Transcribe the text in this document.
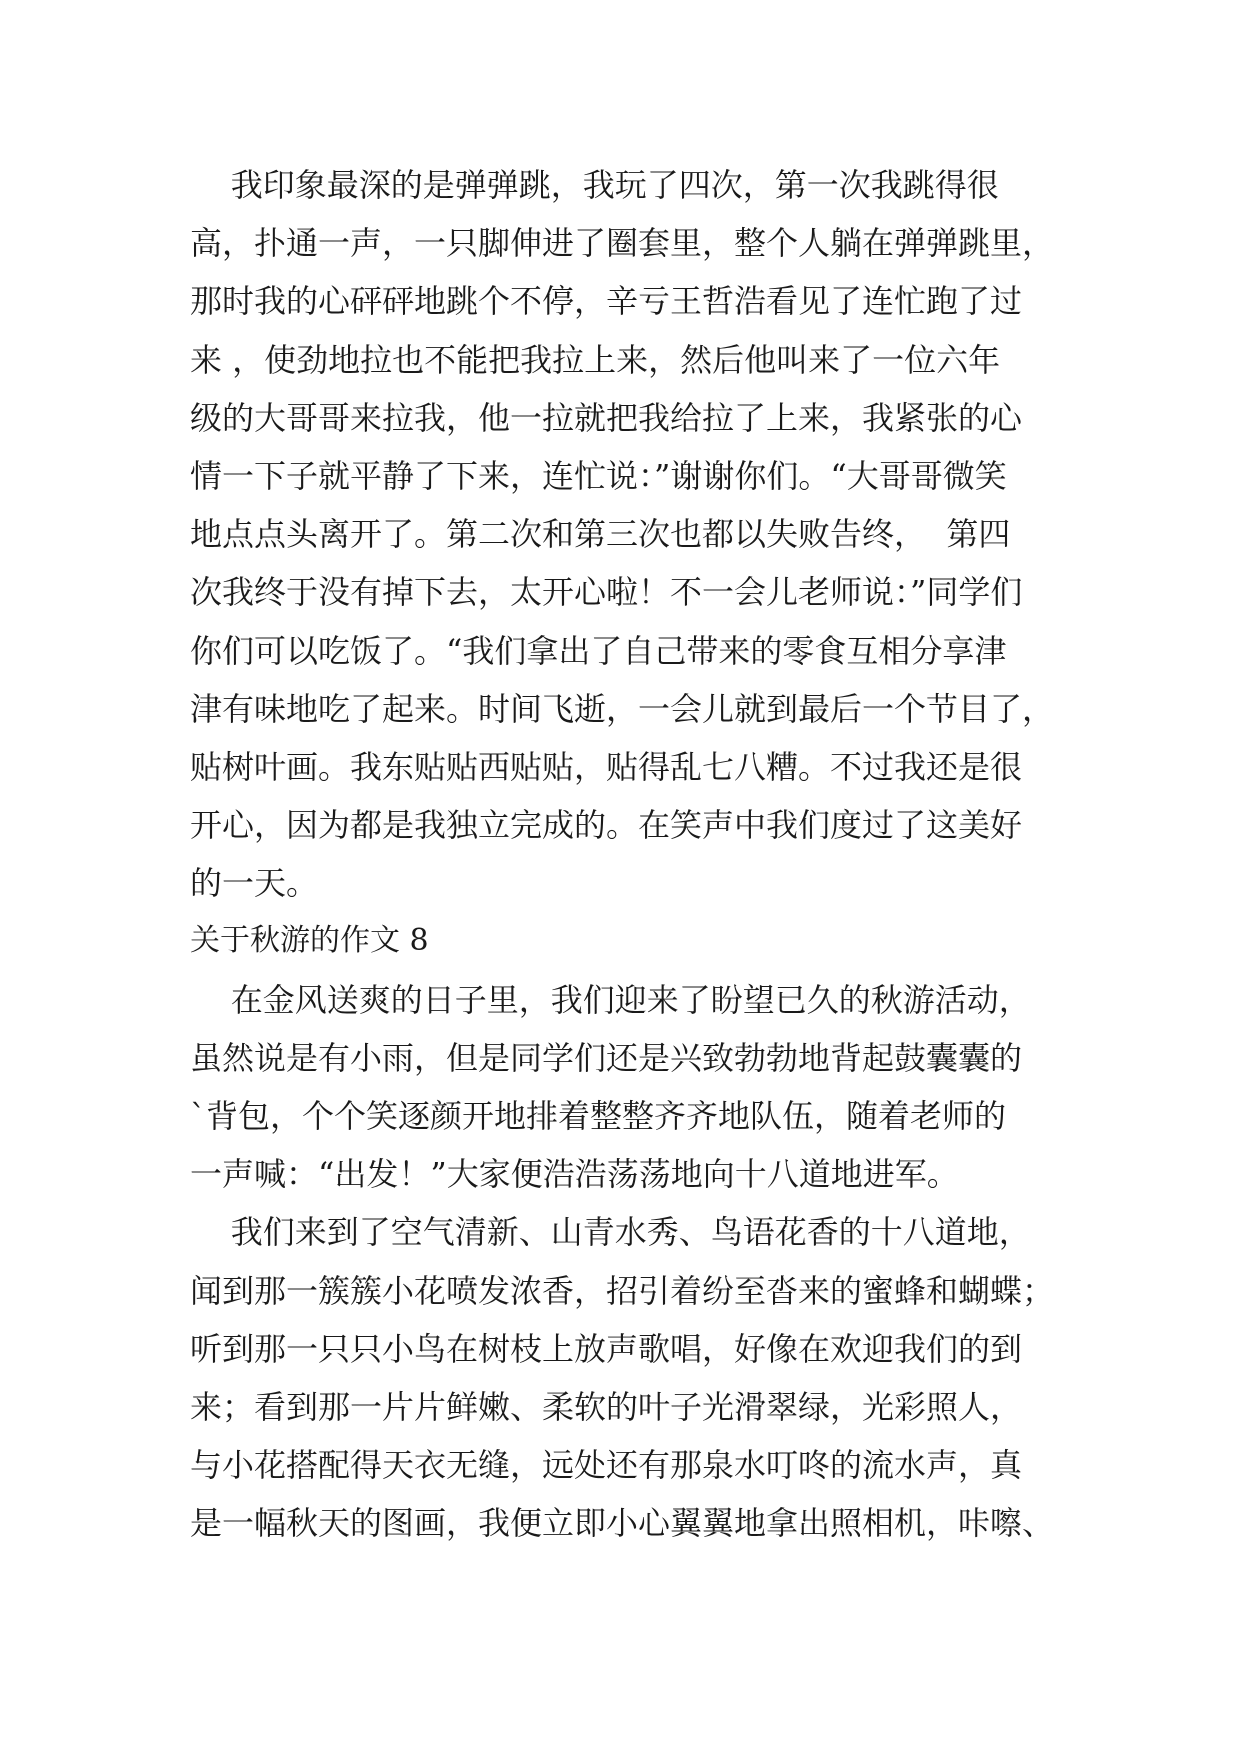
我印象最深的是弹弹跳，我玩了四次，第一次我跳得很
高，扑通一声，一只脚伸进了圈套里，整个人躺在弹弹跳里，
那时我的心砰砰地跳个不停，辛亏王哲浩看见了连忙跑了过
来 ，使劲地拉也不能把我拉上来，然后他叫来了一位六年
级的大哥哥来拉我，他一拉就把我给拉了上来，我紧张的心
情一下子就平静了下来，连忙说：”谢谢你们。“大哥哥微笑
地点点头离开了。第二次和第三次也都以失败告终，  第四
次我终于没有掉下去，太开心啦！不一会儿老师说：”同学们
你们可以吃饭了。“我们拿出了自己带来的零食互相分享津
津有味地吃了起来。时间飞逝，一会儿就到最后一个节目了，
贴树叶画。我东贴贴西贴贴，贴得乱七八糟。不过我还是很
开心，因为都是我独立完成的。在笑声中我们度过了这美好
的一天。
关于秋游的作文 8
在金风送爽的日子里，我们迎来了盼望已久的秋游活动，
虽然说是有小雨，但是同学们还是兴致勃勃地背起鼓囊囊的
`背包，个个笑逐颜开地排着整整齐齐地队伍，随着老师的
一声喊：“出发！”大家便浩浩荡荡地向十八道地进军。
我们来到了空气清新、山青水秀、鸟语花香的十八道地，
闻到那一簇簇小花喷发浓香，招引着纷至沓来的蜜蜂和蝴蝶；
听到那一只只小鸟在树枝上放声歌唱，好像在欢迎我们的到
来；看到那一片片鲜嫩、柔软的叶子光滑翠绿，光彩照人，
与小花搭配得天衣无缝，远处还有那泉水叮咚的流水声，真
是一幅秋天的图画，我便立即小心翼翼地拿出照相机，咔嚓、
